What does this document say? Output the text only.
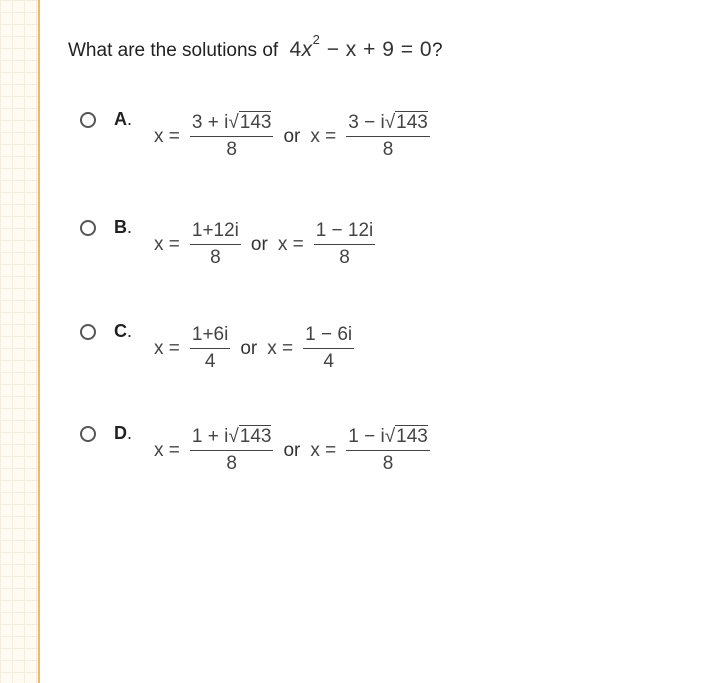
What are the solutions of $4x^2 - x + 9 = 0$?
A.
$x = \frac{3 + i√143}{8}$ or $x = \frac{3 - i√143}{8}$
B.
$x = \frac{1+12i}{8}$ or $x = \frac{1 - 12i}{8}$
C.
$x = \frac{1+6i}{4}$ or $x = \frac{1 - 6i}{4}$
D.
$x = \frac{1 + i√143}{8}$ or $x = \frac{1 - i√143}{8}$
